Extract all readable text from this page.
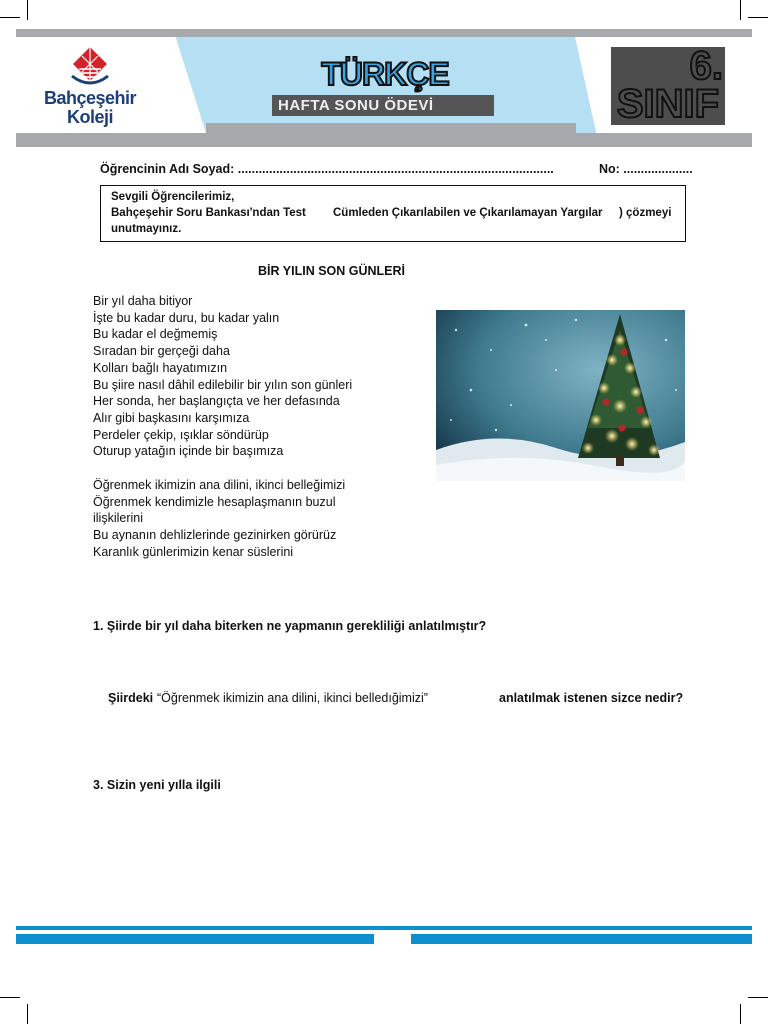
Bahçeşehir
Koleji
TÜRKÇE
HAFTA SONU ÖDEVİ
6.
SINIF
Öğrencinin Adı Soyad: ...........................................................................................	No: ....................
Sevgili Öğrencilerimiz,
Bahçeşehir Soru Bankası'ndan Test Cümleden Çıkarılabilen ve Çıkarılamayan Yargılar ) çözmeyi
unutmayınız.
BİR YILIN SON GÜNLERİ
Bir yıl daha bitiyor
İşte bu kadar duru, bu kadar yalın
Bu kadar el değmemiş
Sıradan bir gerçeği daha
Kolları bağlı hayatımızın
Bu şiire nasıl dâhil edilebilir bir yılın son günleri
Her sonda, her başlangıçta ve her defasında
Alır gibi başkasını karşımıza
Perdeler çekip, ışıklar söndürüp
Oturup yatağın içinde bir başımıza
Öğrenmek ikimizin ana dilini, ikinci belleğimizi
Öğrenmek kendimizle hesaplaşmanın buzul
ilişkilerini
Bu aynanın dehlizlerinde gezinirken görürüz
Karanlık günlerimizin kenar süslerini
1. Şiirde bir yıl daha biterken ne yapmanın gerekliliği anlatılmıştır?
Şiirdeki “Öğrenmek ikimizin ana dilini, ikinci belledığimizi”	anlatılmak istenen sizce nedir?
3. Sizin yeni yılla ilgili
